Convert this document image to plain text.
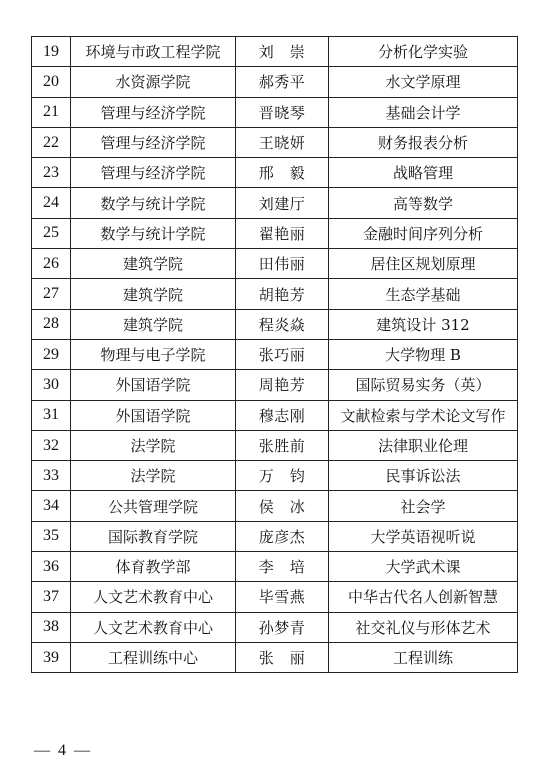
19	环境与市政工程学院	刘　崇	分析化学实验
20	水资源学院	郝秀平	水文学原理
21	管理与经济学院	晋晓琴	基础会计学
22	管理与经济学院	王晓妍	财务报表分析
23	管理与经济学院	邢　毅	战略管理
24	数学与统计学院	刘建厅	高等数学
25	数学与统计学院	翟艳丽	金融时间序列分析
26	建筑学院	田伟丽	居住区规划原理
27	建筑学院	胡艳芳	生态学基础
28	建筑学院	程炎焱	建筑设计 312
29	物理与电子学院	张巧丽	大学物理 B
30	外国语学院	周艳芳	国际贸易实务（英）
31	外国语学院	穆志刚	文献检索与学术论文写作
32	法学院	张胜前	法律职业伦理
33	法学院	万　钧	民事诉讼法
34	公共管理学院	侯　冰	社会学
35	国际教育学院	庞彦杰	大学英语视听说
36	体育教学部	李　培	大学武术课
37	人文艺术教育中心	毕雪燕	中华古代名人创新智慧
38	人文艺术教育中心	孙梦青	社交礼仪与形体艺术
39	工程训练中心	张　丽	工程训练
— 4 —
